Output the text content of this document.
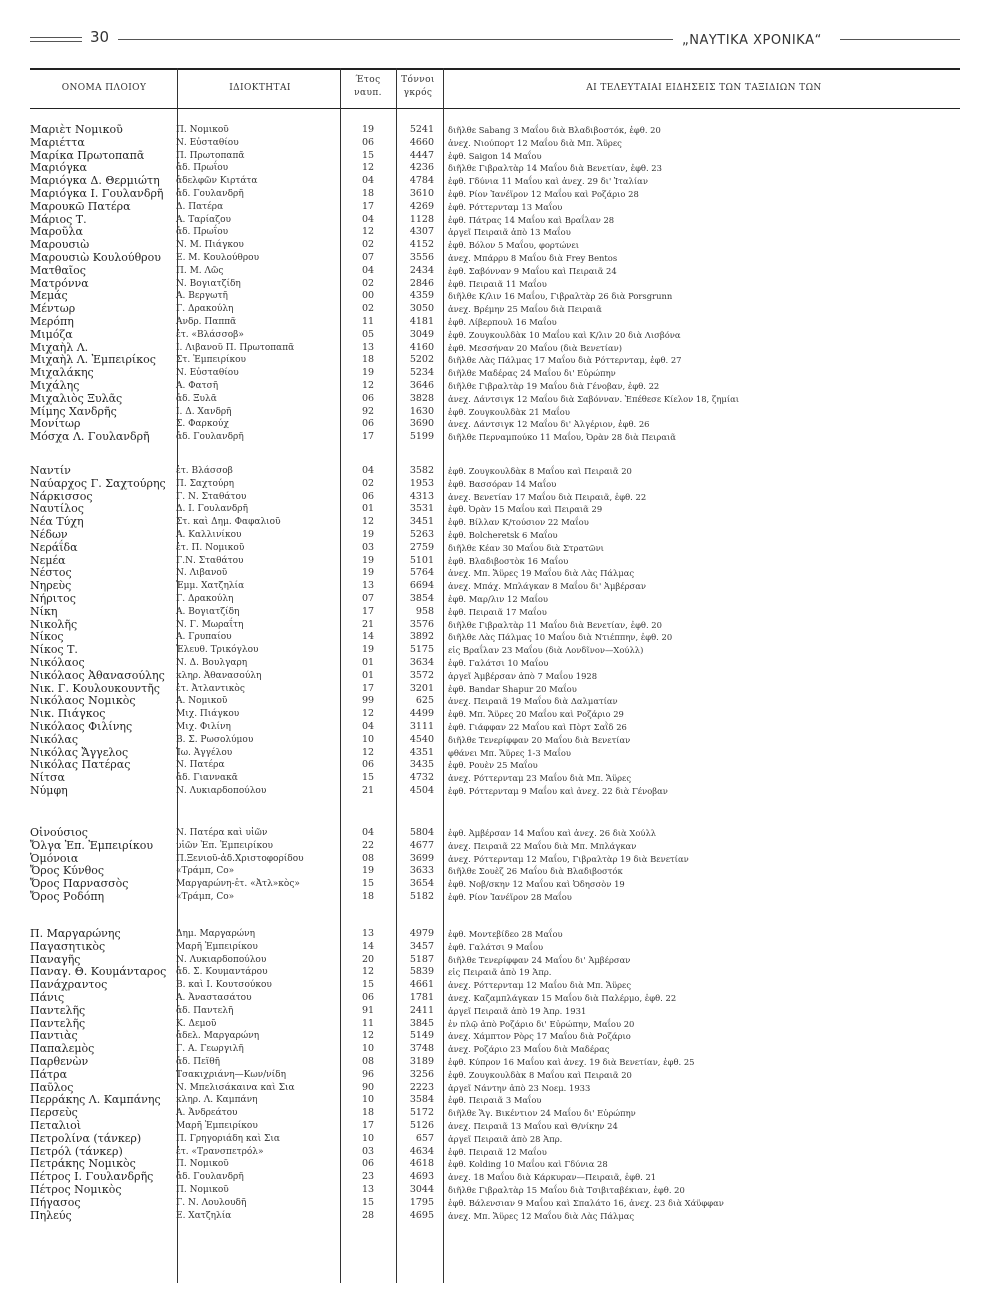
30	„ΝΑΥΤΙΚΑ ΧΡΟΝΙΚΑ“
ΟΝΟΜΑ ΠΛΟΙΟΥ	ΙΔΙΟΚΤΗΤΑΙ
Έτος
ναυπ.
Τόννοι
γκρός	ΑΙ ΤΕΛΕΥΤΑΙΑΙ ΕΙΔΗΣΕΙΣ ΤΩΝ ΤΑΞΙΔΙΩΝ ΤΩΝ
Μαριὲτ Νομικοῦ	Π. Νομικοῦ	19	5241 διῆλθε Sabang 3 Μαΐου διὰ Βλαδιβοστόκ, ἐφθ. 20
Μαριέττα	Ν. Εὐσταθίου	06	4660 ἀνεχ. Νιούπορτ 12 Μαΐου διὰ Μπ. Ἄϋρες
Μαρίκα Πρωτοπαπᾶ	Π. Πρωτοπαπᾶ	15	4447 ἐφθ. Saigon 14 Μαΐου
Μαριόγκα	ἀδ. Πρωΐου	12	4236 διῆλθε Γιβραλτὰρ 14 Μαΐου διὰ Βενετίαν, ἐφθ. 23
Μαριόγκα Δ. Θερμιώτη	ἀδελφῶν Κιρτάτα	04	4784 ἐφθ. Γδύνια 11 Μαΐου καὶ ἀνεχ. 29 δι' Ἰταλίαν
Μαριόγκα Ι. Γουλανδρῆ	ἀδ. Γουλανδρῆ	18	3610 ἐφθ. Ρίον Ἰανέϊρον 12 Μαΐου καὶ Ροζάριο 28
Μαρουκῶ Πατέρα	Δ. Πατέρα	17	4269 ἐφθ. Ρόττερνταμ 13 Μαΐου
Μάριος Τ.	Α. Ταρίαζου	04	1128 ἐφθ. Πάτρας 14 Μαΐου καὶ Βραΐλαν 28
Μαροῦλα	ἀδ. Πρωΐου	12	4307 ἀργεῖ Πειραιᾶ ἀπὸ 13 Μαΐου
Μαρουσιὼ	Ν. Μ. Πιάγκου	02	4152 ἐφθ. Βόλον 5 Μαΐου, φορτώνει
Μαρουσιὼ Κουλούθρου	Ε. Μ. Κουλούθρου	07	3556 ἀνεχ. Μπάρρυ 8 Μαΐου διὰ Frey Bentos
Ματθαῖος	Π. Μ. Λῶς	04	2434 ἐφθ. Σαβόνναν 9 Μαΐου καὶ Πειραιᾶ 24
Ματρόννα	Ν. Βογιατζίδη	02	2846 ἐφθ. Πειραιᾶ 11 Μαΐου
Μεμάς	Α. Βεργωτῆ	00	4359 διῆλθε Κ/λιν 16 Μαΐου, Γιβραλτὰρ 26 διὰ Porsgrunn
Μέντωρ	Γ. Δρακούλη	02	3050 ἀνεχ. Βρέμην 25 Μαΐου διὰ Πειραιᾶ
Μερόπη	Ἀνδρ. Παππᾶ	11	4181 ἐφθ. Λίβερπουλ 16 Μαΐου
Μιμόζα	ἑτ. «Βλάσσοβ»	05	3049 ἐφθ. Ζουγκουλδὰκ 10 Μαΐου καὶ Κ/λιν 20 διὰ Λισβόνα
Μιχαὴλ Λ.	Ι. Λιβανοῦ Π. Πρωτοπαπᾶ	13	4160 ἐφθ. Μεσσήναν 20 Μαΐου (διὰ Βενετίαν)
Μιχαὴλ Λ. Ἐμπειρίκος	Στ. Ἐμπειρίκου	18	5202 διῆλθε Λὰς Πάλμας 17 Μαΐου διὰ Ρόττερνταμ, ἐφθ. 27
Μιχαλάκης	Ν. Εὐσταθίου	19	5234 διῆλθε Μαδέρας 24 Μαΐου δι' Εὐρώπην
Μιχάλης	Α. Φατσῆ	12	3646 διῆλθε Γιβραλτὰρ 19 Μαΐου διὰ Γένοβαν, ἐφθ. 22
Μιχαλιὸς Ξυλᾶς	ἀδ. Ξυλᾶ	06	3828 ἀνεχ. Δάντσιγκ 12 Μαΐου διὰ Σαβόνναν. Ἐπέθεσε Κίελον 18, ζημίαι
Μίμης Χανδρῆς	Ι. Δ. Χανδρῆ	92	1630 ἐφθ. Ζουγκουλδὰκ 21 Μαΐου
Μονίτωρ	Σ. Φαρκούχ	06	3690 ἀνεχ. Δάντσιγκ 12 Μαΐου δι' Ἀλγέριον, ἐφθ. 26
Μόσχα Λ. Γουλανδρῆ	ἀδ. Γουλανδρῆ	17	5199 διῆλθε Περναμπούκο 11 Μαΐου, Ὀρὰν 28 διὰ Πειραιᾶ
Ναντίν	ἑτ. Βλάσσοβ	04	3582 ἐφθ. Ζουγκουλδὰκ 8 Μαΐου καὶ Πειραιᾶ 20
Ναύαρχος Γ. Σαχτούρης	Π. Σαχτούρη	02	1953 ἐφθ. Βασσόραν 14 Μαΐου
Νάρκισσος	Γ. Ν. Σταθάτου	06	4313 ἀνεχ. Βενετίαν 17 Μαΐου διὰ Πειραιᾶ, ἐφθ. 22
Ναυτίλος	Δ. Ι. Γουλανδρῆ	01	3531 ἐφθ. Ὀρὰν 15 Μαΐου καὶ Πειραιᾶ 29
Νέα Τύχη	Στ. καὶ Δημ. Φαφαλιοῦ	12	3451 ἐφθ. Βίλλαν Κ/τούσιον 22 Μαΐου
Νέδων	Α. Καλλινίκου	19	5263 ἐφθ. Bolcheretsk 6 Μαΐου
Νεράΐδα	ἑτ. Π. Νομικοῦ	03	2759 διῆλθε Κέαν 30 Μαΐου διὰ Στρατῶνι
Νεμέα	Γ.Ν. Σταθάτου	19	5101 ἐφθ. Βλαδιβοστὸκ 16 Μαΐου
Νέστος	Ν. Λιβανοῦ	19	5764 ἀνεχ. Μπ. Ἄϋρες 19 Μαΐου διὰ Λὰς Πάλμας
Νηρεὺς	Ἐμμ. Χατζηλία	13	6694 ἀνεχ. Μπάχ. Μπλάγκαν 8 Μαΐου δι' Ἀμβέρσαν
Νήριτος	Γ. Δρακούλη	07	3854 ἐφθ. Μαρ/λιν 12 Μαΐου
Νίκη	Α. Βογιατζίδη	17	958 ἐφθ. Πειραιᾶ 17 Μαΐου
Νικολῆς	Ν. Γ. Μωραΐτη	21	3576 διῆλθε Γιβραλτὰρ 11 Μαΐου διὰ Βενετίαν, ἐφθ. 20
Νίκος	Α. Γρυπαίου	14	3892 διῆλθε Λὰς Πάλμας 10 Μαΐου διὰ Ντιέππην, ἐφθ. 20
Νίκος Τ.	Ἐλευθ. Τρικόγλου	19	5175 εἰς Βραΐλαν 23 Μαΐου (διὰ Λονδῖνον—Χούλλ)
Νικόλαος	Ν. Δ. Βουλγαρη	01	3634 ἐφθ. Γαλάτσι 10 Μαΐου
Νικόλαος Ἀθανασούλης	κληρ. Ἀθανασούλη	01	3572 ἀργεῖ Ἀμβέρσαν ἀπὸ 7 Μαΐου 1928
Νικ. Γ. Κουλουκουντῆς	ἑτ. Ἀτλαντικὸς	17	3201 ἐφθ. Bandar Shapur 20 Μαΐου
Νικόλαος Νομικὸς	Α. Νομικοῦ	99	625 ἀνεχ. Πειραιᾶ 19 Μαΐου διὰ Δαλματίαν
Νικ. Πιάγκος	Μιχ. Πιάγκου	12	4499 ἐφθ. Μπ. Ἄϋρες 20 Μαΐου καὶ Ροζάριο 29
Νικόλαος Φιλίνης	Μιχ. Φιλίνη	04	3111 ἐφθ. Γιάφφαν 22 Μαΐου καὶ Πὸρτ Σαῒδ 26
Νικόλας	Β. Σ. Ρωσολύμου	10	4540 διῆλθε Τενερίφφαν 20 Μαΐου διὰ Βενετίαν
Νικόλας Ἄγγελος	Ἰω. Ἀγγέλου	12	4351 φθάνει Μπ. Ἄϋρες 1-3 Μαΐου
Νικόλας Πατέρας	Ν. Πατέρα	06	3435 ἐφθ. Ρουὲν 25 Μαΐου
Νίτσα	ἀδ. Γιαννακᾶ	15	4732 ἀνεχ. Ρόττερνταμ 23 Μαΐου διὰ Μπ. Ἄϋρες
Νύμφη	Ν. Λυκιαρδοπούλου	21	4504 ἐφθ. Ρόττερνταμ 9 Μαΐου καὶ ἀνεχ. 22 διὰ Γένοβαν
Οἰνούσιος	Ν. Πατέρα καὶ υἱῶν	04	5804 ἐφθ. Ἀμβέρσαν 14 Μαΐου καὶ ἀνεχ. 26 διὰ Χούλλ
Ὄλγα Ἐπ. Ἐμπειρίκου	υἱῶν Ἐπ. Ἐμπειρίκου	22	4677 ἀνεχ. Πειραιᾶ 22 Μαΐου διὰ Μπ. Μπλάγκαν
Ὁμόνοια	Π.Ξενιοῦ-ἀδ.Χριστοφορίδου	08	3699 ἀνεχ. Ρόττερνταμ 12 Μαΐου, Γιβραλτὰρ 19 διὰ Βενετίαν
Ὄρος Κύνθος	«Τράμπ, Co»	19	3633 διῆλθε Σουὲζ 26 Μαΐου διὰ Βλαδιβοστόκ
Ὄρος Παρνασσὸς	Μαργαρώνη-ἑτ. «Ἀτλ»κὸς»	15	3654 ἐφθ. Νοβ/σκην 12 Μαΐου καὶ Ὀδησσὸν 19
Ὄρος Ροδόπη	«Τράμπ, Co»	18	5182 ἐφθ. Ρίον Ἰανέϊρον 28 Μαΐου
Π. Μαργαρώνης	Δημ. Μαργαρώνη	13	4979 ἐφθ. Μοντεβίδεο 28 Μαΐου
Παγασητικὸς	Μαρῆ Ἐμπειρίκου	14	3457 ἐφθ. Γαλάτσι 9 Μαΐου
Παναγῆς	Ν. Λυκιαρδοπούλου	20	5187 διῆλθε Τενερίφφαν 24 Μαΐου δι' Ἀμβέρσαν
Παναγ. Θ. Κουμάνταρος	ἀδ. Σ. Κουμαντάρου	12	5839 εἰς Πειραιᾶ ἀπὸ 19 Ἀπρ.
Πανάχραντος	Β. καὶ Ι. Κουτσούκου	15	4661 ἀνεχ. Ρόττερνταμ 12 Μαΐου διὰ Μπ. Ἄϋρες
Πάνις	Α. Ἀναστασάτου	06	1781 ἀνεχ. Καζαμπλάγκαν 15 Μαΐου διὰ Παλέρμο, ἐφθ. 22
Παντελῆς	ἀδ. Παντελῆ	91	2411 ἀργεῖ Πειραιᾶ ἀπὸ 19 Ἀπρ. 1931
Παντελῆς	Κ. Δεμοῦ	11	3845 ἐν πλῷ ἀπὸ Ροζάριο δι' Εὐρώπην, Μαΐου 20
Παντιὰς	ἀδελ. Μαργαρώνη	12	5149 ἀνεχ. Χάμπτον Ρὸρς 17 Μαΐου διὰ Ροζάριο
Παπαλεμὸς	Γ. Α. Γεωργιλῆ	10	3748 ἀνεχ. Ροζάριο 23 Μαΐου διὰ Μαδέρας
Παρθενὼν	ἀδ. Πεϊθῆ	08	3189 ἐφθ. Κύπρον 16 Μαΐου καὶ ἀνεχ. 19 διὰ Βενετίαν, ἐφθ. 25
Πάτρα	Τσακιχριάνη—Κων/νίδη	96	3256 ἐφθ. Ζουγκουλδὰκ 8 Μαΐου καὶ Πειραιᾶ 20
Παῦλος	Ν. Μπελισάκαινα καὶ Σια	90	2223 ἀργεῖ Νάντην ἀπὸ 23 Νοεμ. 1933
Περράκης Λ. Καμπάνης	κληρ. Λ. Καμπάνη	10	3584 ἐφθ. Πειραιᾶ 3 Μαΐου
Περσεὺς	Α. Ἀνδρεάτου	18	5172 διῆλθε Ἅγ. Βικέντιον 24 Μαΐου δι' Εὐρώπην
Πεταλιοὶ	Μαρῆ Ἐμπειρίκου	17	5126 ἀνεχ. Πειραιᾶ 13 Μαΐου καὶ Θ/νίκην 24
Πετρολίνα (τάνκερ)	Π. Γρηγοριάδη καὶ Σια	10	657 ἀργεῖ Πειραιᾶ ἀπὸ 28 Ἀπρ.
Πετρόλ (τάνκερ)	ἑτ. «Τρανσπετρόλ»	03	4634 ἐφθ. Πειραιᾶ 12 Μαΐου
Πετράκης Νομικὸς	Π. Νομικοῦ	06	4618 ἐφθ. Kolding 10 Μαΐου καὶ Γδύνια 28
Πέτρος Ι. Γουλανδρῆς	ἀδ. Γουλανδρῆ	23	4693 ἀνεχ. 18 Μαΐου διὰ Κάρκυραν—Πειραιᾶ, ἐφθ. 21
Πέτρος Νομικὸς	Π. Νομικοῦ	13	3044 διῆλθε Γιβραλτὰρ 15 Μαΐου διὰ Τσιβιταβέκιαν, ἐφθ. 20
Πήγασος	Γ. Ν. Λουλουδῆ	15	1795 ἐφθ. Βάλενσιαν 9 Μαΐου καὶ Σπαλάτο 16, ἀνεχ. 23 διὰ Χάϋφφαν
Πηλεύς	Ε. Χατζηλία	28	4695 ἀνεχ. Μπ. Ἄϋρες 12 Μαΐου διὰ Λὰς Πάλμας
